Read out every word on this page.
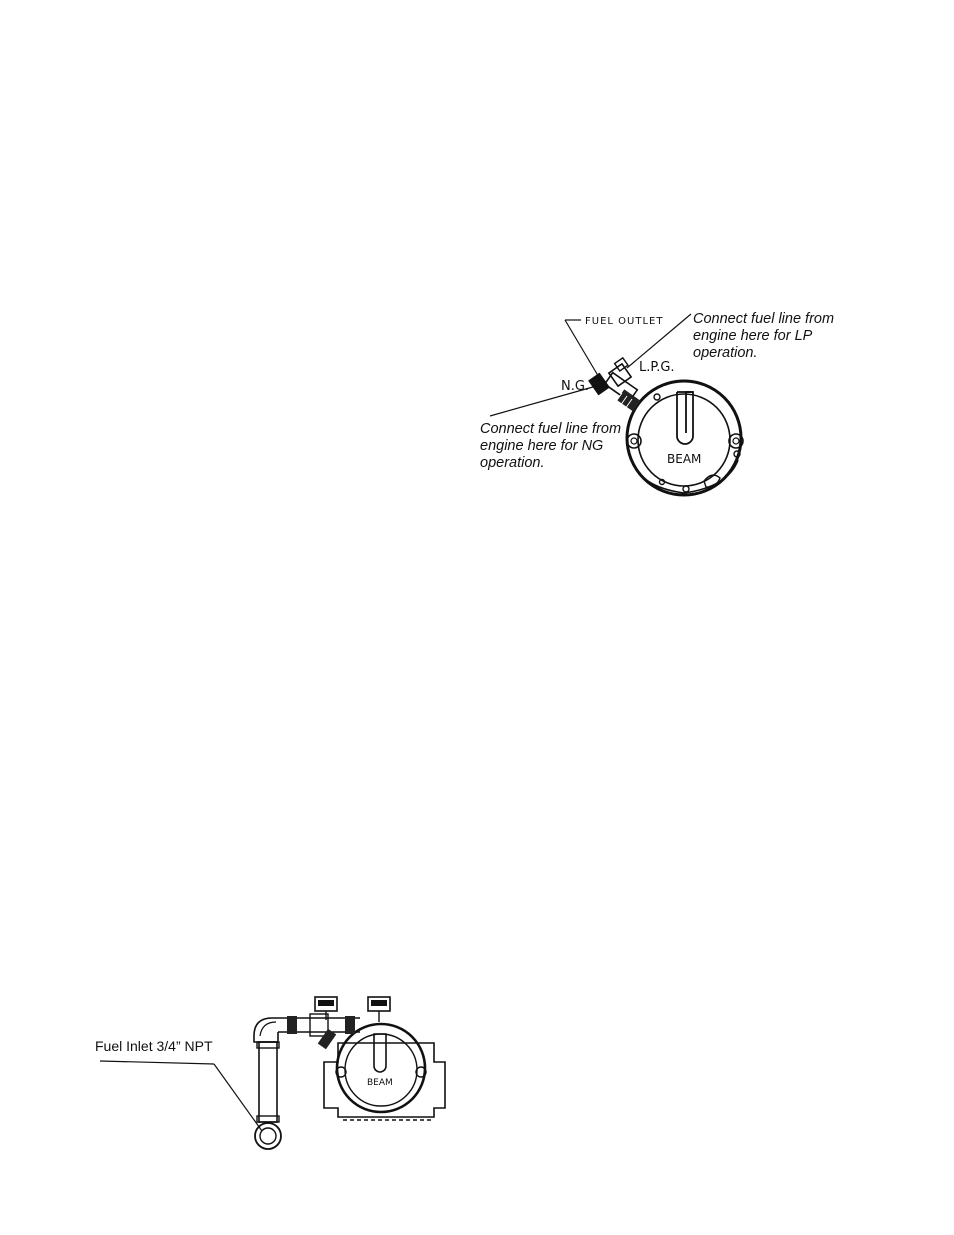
BEAM
FUEL OUTLET
N.G.
L.P.G.
Connect fuel line from
engine here for LP
operation.
Connect fuel line from
engine here for NG
operation.
BEAM
Fuel Inlet 3/4” NPT
